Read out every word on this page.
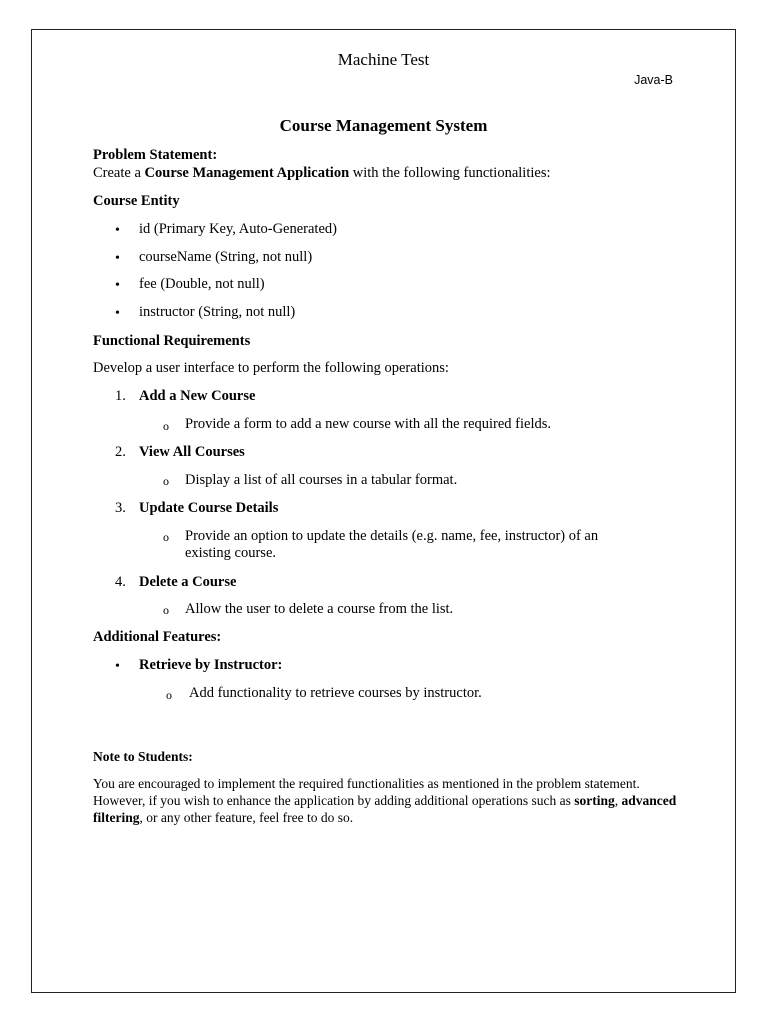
Machine Test

Java-B

Course Management System

Problem Statement:

Create a Course Management Application with the following functionalities:

Course Entity

• id (Primary Key, Auto-Generated)

• courseName (String, not null)

• fee (Double, not null)

• instructor (String, not null)

Functional Requirements

Develop a user interface to perform the following operations:

1. Add a New Course

o Provide a form to add a new course with all the required fields.

2. View All Courses

o Display a list of all courses in a tabular format.

3. Update Course Details

o Provide an option to update the details (e.g. name, fee, instructor) of an existing course.

4. Delete a Course

o Allow the user to delete a course from the list.

Additional Features:

• Retrieve by Instructor:

o Add functionality to retrieve courses by instructor.

Note to Students:

You are encouraged to implement the required functionalities as mentioned in the problem statement. However, if you wish to enhance the application by adding additional operations such as sorting, advanced filtering, or any other feature, feel free to do so.
